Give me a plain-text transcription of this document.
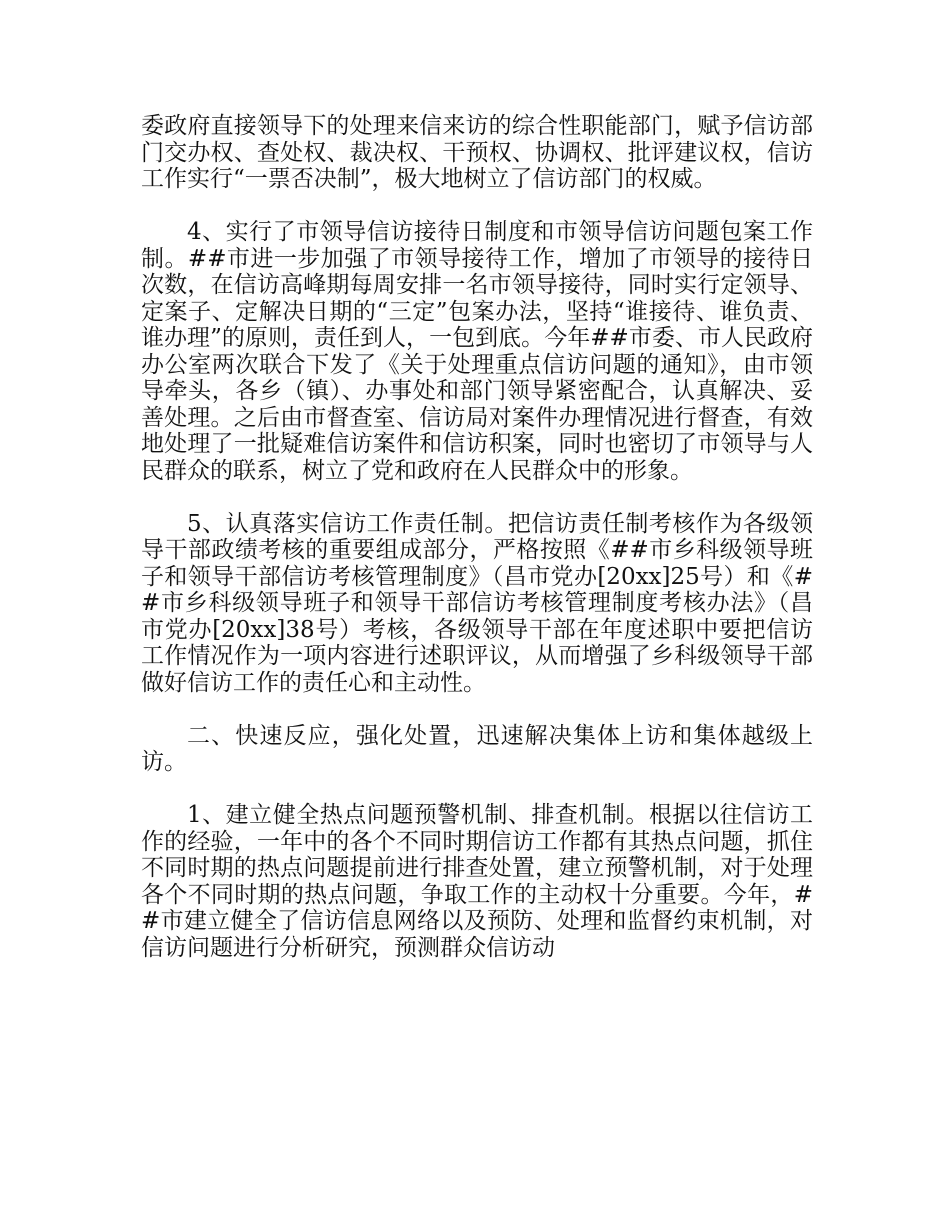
委政府直接领导下的处理来信来访的综合性职能部门，赋予信访部门交办权、查处权、裁决权、干预权、协调权、批评建议权，信访工作实行“一票否决制”，极大地树立了信访部门的权威。

4、实行了市领导信访接待日制度和市领导信访问题包案工作制。##市进一步加强了市领导接待工作，增加了市领导的接待日次数，在信访高峰期每周安排一名市领导接待，同时实行定领导、定案子、定解决日期的“三定”包案办法，坚持“谁接待、谁负责、谁办理”的原则，责任到人，一包到底。今年##市委、市人民政府办公室两次联合下发了《关于处理重点信访问题的通知》，由市领导牵头，各乡（镇）、办事处和部门领导紧密配合，认真解决、妥善处理。之后由市督查室、信访局对案件办理情况进行督查，有效地处理了一批疑难信访案件和信访积案，同时也密切了市领导与人民群众的联系，树立了党和政府在人民群众中的形象。

5、认真落实信访工作责任制。把信访责任制考核作为各级领导干部政绩考核的重要组成部分，严格按照《##市乡科级领导班子和领导干部信访考核管理制度》（昌市党办[20xx]25号）和《##市乡科级领导班子和领导干部信访考核管理制度考核办法》（昌市党办[20xx]38号）考核，各级领导干部在年度述职中要把信访工作情况作为一项内容进行述职评议，从而增强了乡科级领导干部做好信访工作的责任心和主动性。

二、快速反应，强化处置，迅速解决集体上访和集体越级上访。

1、建立健全热点问题预警机制、排查机制。根据以往信访工作的经验，一年中的各个不同时期信访工作都有其热点问题，抓住不同时期的热点问题提前进行排查处置，建立预警机制，对于处理各个不同时期的热点问题，争取工作的主动权十分重要。今年，##市建立健全了信访信息网络以及预防、处理和监督约束机制，对信访问题进行分析研究，预测群众信访动
